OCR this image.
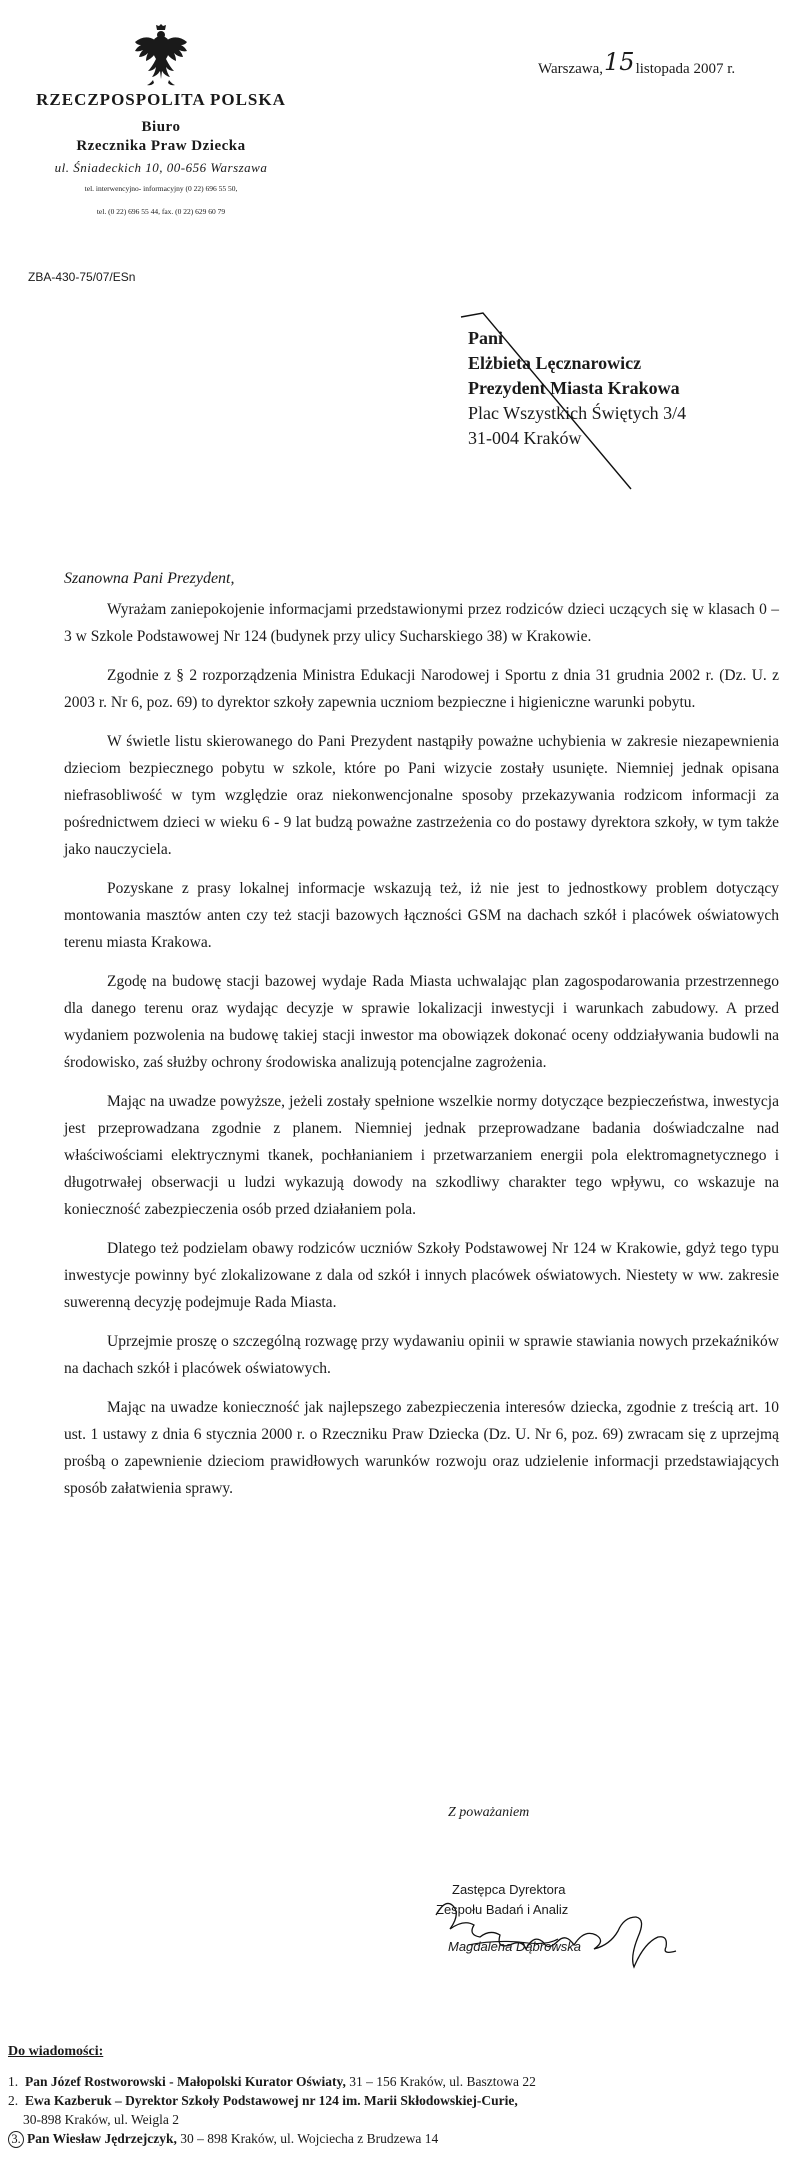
Warszawa,15listopada 2007 r.
RZECZPOSPOLITA POLSKA
Biuro
Rzecznika Praw Dziecka
ul. Śniadeckich 10, 00-656 Warszawa
tel. interwencyjno- informacyjny (0 22) 696 55 50,
tel. (0 22) 696 55 44, fax. (0 22) 629 60 79
ZBA-430-75/07/ESn
Pani
Elżbieta Lęcznarowicz
Prezydent Miasta Krakowa
Plac Wszystkich Świętych 3/4
31-004 Kraków
Szanowna Pani Prezydent,

Wyrażam zaniepokojenie informacjami przedstawionymi przez rodziców dzieci uczących się w klasach 0 – 3 w Szkole Podstawowej Nr 124 (budynek przy ulicy Sucharskiego 38) w Krakowie.

Zgodnie z § 2 rozporządzenia Ministra Edukacji Narodowej i Sportu z dnia 31 grudnia 2002 r. (Dz. U. z 2003 r. Nr 6, poz. 69) to dyrektor szkoły zapewnia uczniom bezpieczne i higieniczne warunki pobytu.

W świetle listu skierowanego do Pani Prezydent nastąpiły poważne uchybienia w zakresie niezapewnienia dzieciom bezpiecznego pobytu w szkole, które po Pani wizycie zostały usunięte. Niemniej jednak opisana niefrasobliwość w tym względzie oraz niekonwencjonalne sposoby przekazywania rodzicom informacji za pośrednictwem dzieci w wieku 6 - 9 lat budzą poważne zastrzeżenia co do postawy dyrektora szkoły, w tym także jako nauczyciela.

Pozyskane z prasy lokalnej informacje wskazują też, iż nie jest to jednostkowy problem dotyczący montowania masztów anten czy też stacji bazowych łączności GSM na dachach szkół i placówek oświatowych terenu miasta Krakowa.

Zgodę na budowę stacji bazowej wydaje Rada Miasta uchwalając plan zagospodarowania przestrzennego dla danego terenu oraz wydając decyzje w sprawie lokalizacji inwestycji i warunkach zabudowy. A przed wydaniem pozwolenia na budowę takiej stacji inwestor ma obowiązek dokonać oceny oddziaływania budowli na środowisko, zaś służby ochrony środowiska analizują potencjalne zagrożenia.

Mając na uwadze powyższe, jeżeli zostały spełnione wszelkie normy dotyczące bezpieczeństwa, inwestycja jest przeprowadzana zgodnie z planem. Niemniej jednak przeprowadzane badania doświadczalne nad właściwościami elektrycznymi tkanek, pochłanianiem i przetwarzaniem energii pola elektromagnetycznego i długotrwałej obserwacji u ludzi wykazują dowody na szkodliwy charakter tego wpływu, co wskazuje na konieczność zabezpieczenia osób przed działaniem pola.

Dlatego też podzielam obawy rodziców uczniów Szkoły Podstawowej Nr 124 w Krakowie, gdyż tego typu inwestycje powinny być zlokalizowane z dala od szkół i innych placówek oświatowych. Niestety w ww. zakresie suwerenną decyzję podejmuje Rada Miasta.

Uprzejmie proszę o szczególną rozwagę przy wydawaniu opinii w sprawie stawiania nowych przekaźników na dachach szkół i placówek oświatowych.

Mając na uwadze konieczność jak najlepszego zabezpieczenia interesów dziecka, zgodnie z treścią art. 10 ust. 1 ustawy z dnia 6 stycznia 2000 r. o Rzeczniku Praw Dziecka (Dz. U. Nr 6, poz. 69) zwracam się z uprzejmą prośbą o zapewnienie dzieciom prawidłowych warunków rozwoju oraz udzielenie informacji przedstawiających sposób załatwienia sprawy.

Z poważaniem
Zastępca Dyrektora
Zespołu Badań i Analiz
Magdalena Dąbrowska
Do wiadomości:
1. Pan Józef Rostworowski - Małopolski Kurator Oświaty, 31 – 156 Kraków, ul. Basztowa 22
2. Ewa Kazberuk – Dyrektor Szkoły Podstawowej nr 124 im. Marii Skłodowskiej-Curie,
30-898 Kraków, ul. Weigla 2
3. Pan Wiesław Jędrzejczyk, 30 – 898 Kraków, ul. Wojciecha z Brudzewa 14
